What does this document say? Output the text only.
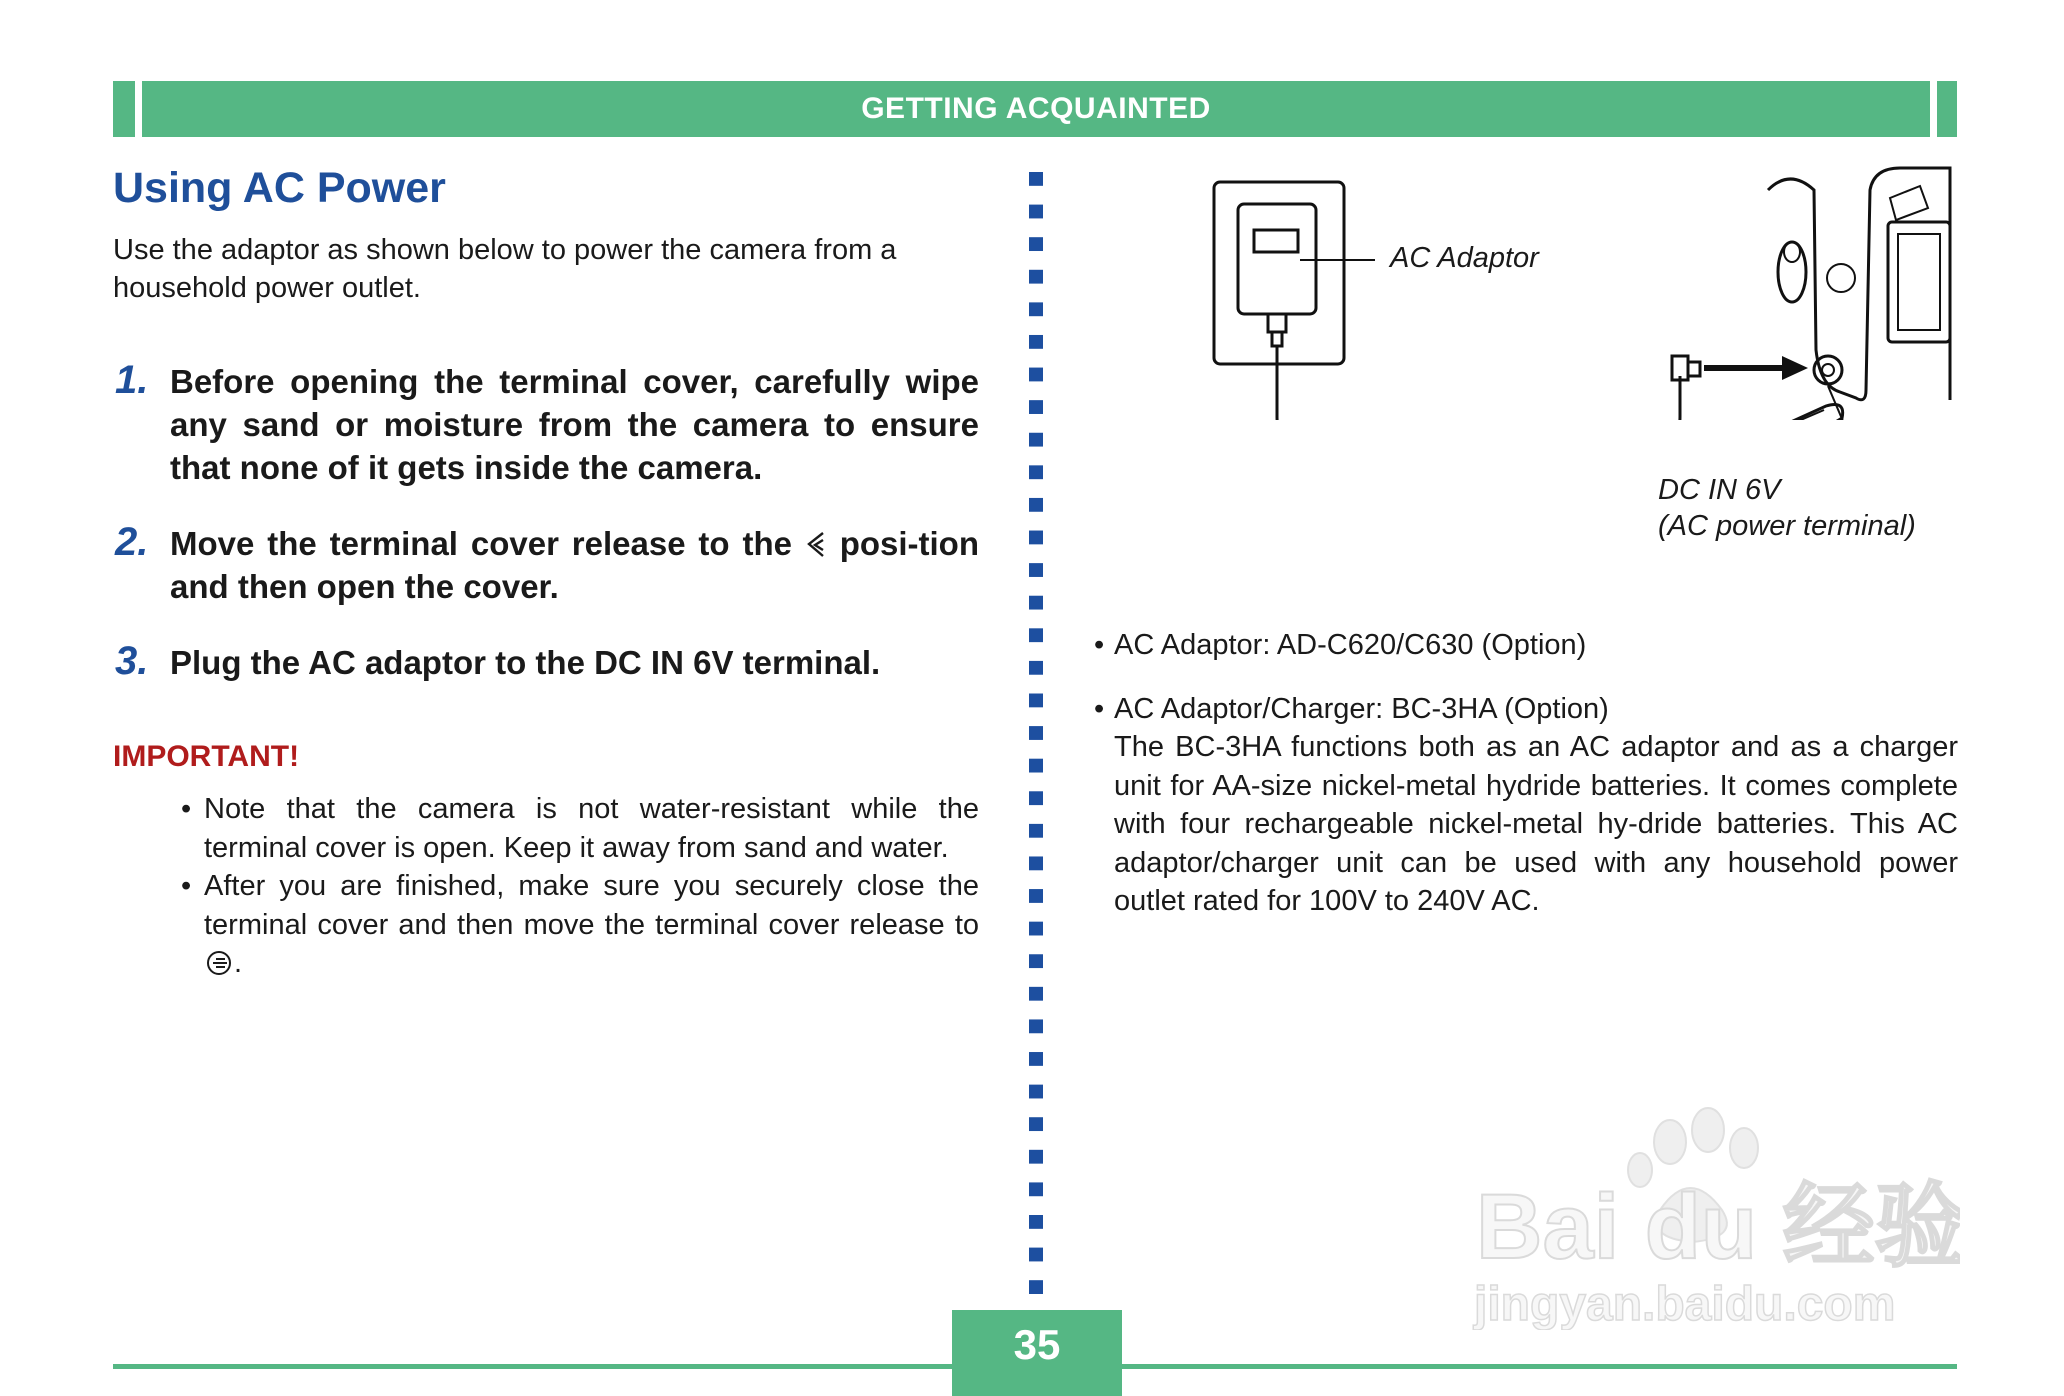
GETTING ACQUAINTED
Using AC Power

Use the adaptor as shown below to power the camera from a household power outlet.

1. Before opening the terminal cover, carefully wipe any sand or moisture from the camera to ensure that none of it gets inside the camera.

2. Move the terminal cover release to the  posi-tion and then open the cover.

3. Plug the AC adaptor to the DC IN 6V terminal.

IMPORTANT!

• Note that the camera is not water-resistant while the terminal cover is open. Keep it away from sand and water.
• After you are finished, make sure you securely close the terminal cover and then move the terminal cover release to .
AC Adaptor
DC IN 6V
(AC power terminal)
• AC Adaptor: AD-C620/C630 (Option)
• AC Adaptor/Charger: BC-3HA (Option)
The BC-3HA functions both as an AC adaptor and as a charger unit for AA-size nickel-metal hydride batteries. It comes complete with four rechargeable nickel-metal hy-dride batteries. This AC adaptor/charger unit can be used with any household power outlet rated for 100V to 240V AC.
Bai du 经验
jingyan.baidu.com
35
